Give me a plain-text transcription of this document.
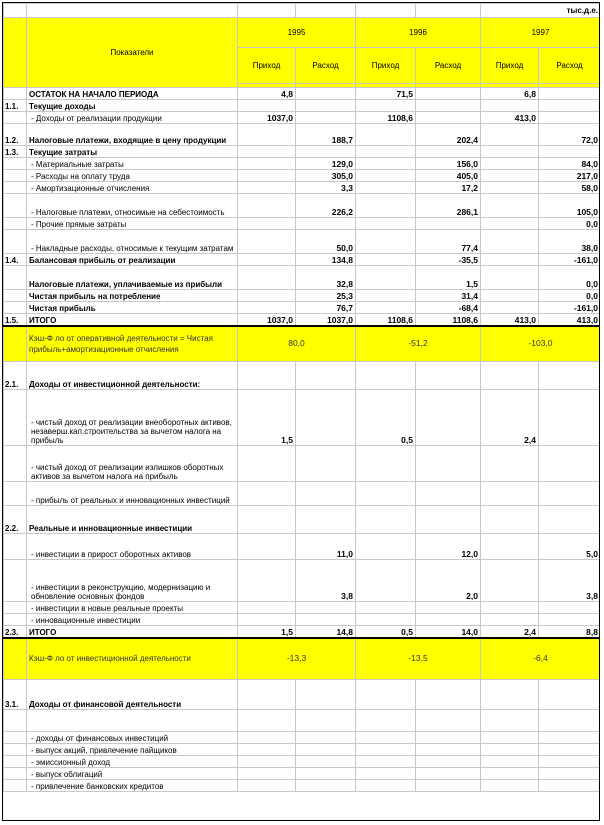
						тыс.д.е.	
	Показатели	1995		1996		1997	
		Приход	Расход	Приход	Расход	Приход	Расход

	ОСТАТОК НА НАЧАЛО ПЕРИОДА	4,8		71,5		6,8	
1.1.	Текущие доходы						
	- Доходы от реализации продукции	1037,0		1108,6		413,0	
1.2.	Налоговые платежи, входящие в цену продукции		188,7		202,4		72,0
1.3.	Текущие затраты						
	- Материальные затраты		129,0		156,0		84,0
	- Расходы на оплату труда		305,0		405,0		217,0
	- Амортизационные отчисления		3,3		17,2		58,0
	- Налоговые платежи, относимые на себестоимость		226,2		286,1		105,0
	- Прочие прямые затраты						0,0
	- Накладные расходы, относимые к текущим затратам		50,0		77,4		38,0
1.4.	Балансовая прибыль от реализации		134,8		-35,5		-161,0
	Налоговые платежи, уплачиваемые из прибыли		32,8		1,5		0,0
	Чистая прибыль на потребление		25,3		31,4		0,0
	Чистая прибыль		76,7		-68,4		-161,0
1.5.	ИТОГО	1037,0	1037,0	1108,6	1108,6	413,0	413,0
	Кэш-Ф ло от оперативной деятельности = Чистая прибыль+амортизационные отчисления	80,0		-51,2		-103,0	
2.1.	Доходы от инвестиционной деятельности:						
	- чистый доход от реализации внеоборотных активов, незаверш.кап.строительства за вычетом налога на прибыль	1,5		0,5		2,4	
	- чистый доход от реализации излишков оборотных активов за вычетом налога на прибыль						
	- прибыль от реальных и инновационных инвестиций						
2.2.	Реальные и инновационные инвестиции						
	- инвестиции в прирост оборотных активов		11,0		12,0		5,0
	- инвестиции в реконструкцию, модернизацию и обновление основных фондов		3,8		2,0		3,8
	- инвестиции в новые реальные проекты						
	- инновационные инвестиции						
2.3.	ИТОГО	1,5	14,8	0,5	14,0	2,4	8,8
	Кэш-Ф ло от инвестиционной деятельности	-13,3		-13,5		-6,4	
3.1.	Доходы от финансовой деятельности						

	- доходы от финансовых инвестиций						
	- выпуск акций, привлечение пайщиков						
	- эмиссионный доход						
	- выпуск облигаций						
	- привлечение банковских кредитов						
